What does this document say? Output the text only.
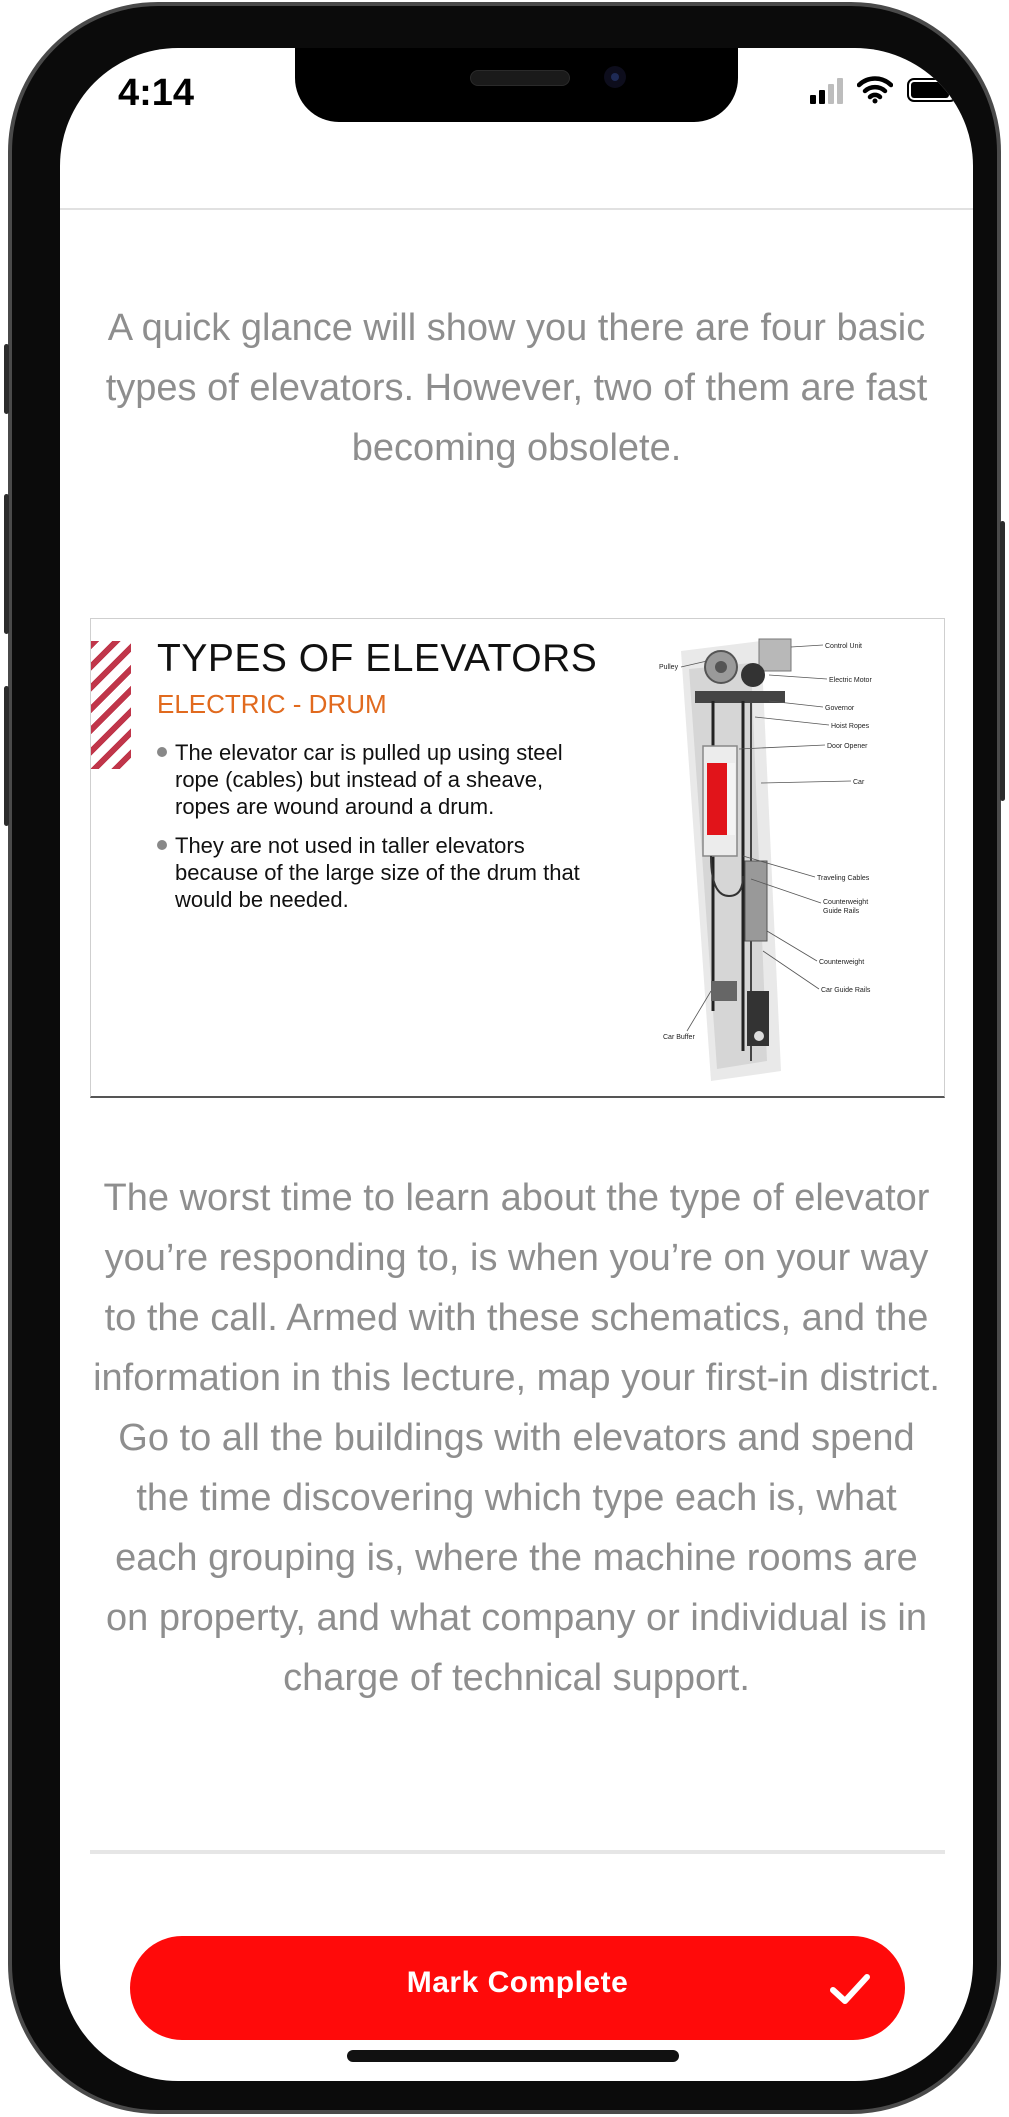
4:14

A quick glance will show you there are four basic types of elevators. However, two of them are fast becoming obsolete.

TYPES OF ELEVATORS
ELECTRIC - DRUM
The elevator car is pulled up using steel rope (cables) but instead of a sheave, ropes are wound around a drum.
They are not used in taller elevators because of the large size of the drum that would be needed.
Control Unit
Pulley
Electric Motor
Governor
Hoist Ropes
Door Opener
Car
Traveling Cables
Counterweight
Guide Rails
Counterweight
Car Guide Rails
Car Buffer

The worst time to learn about the type of elevator you’re responding to, is when you’re on your way to the call. Armed with these schematics, and the information in this lecture, map your first-in district. Go to all the buildings with elevators and spend the time discovering which type each is, what each grouping is, where the machine rooms are on property, and what company or individual is in charge of technical support.

Mark Complete
